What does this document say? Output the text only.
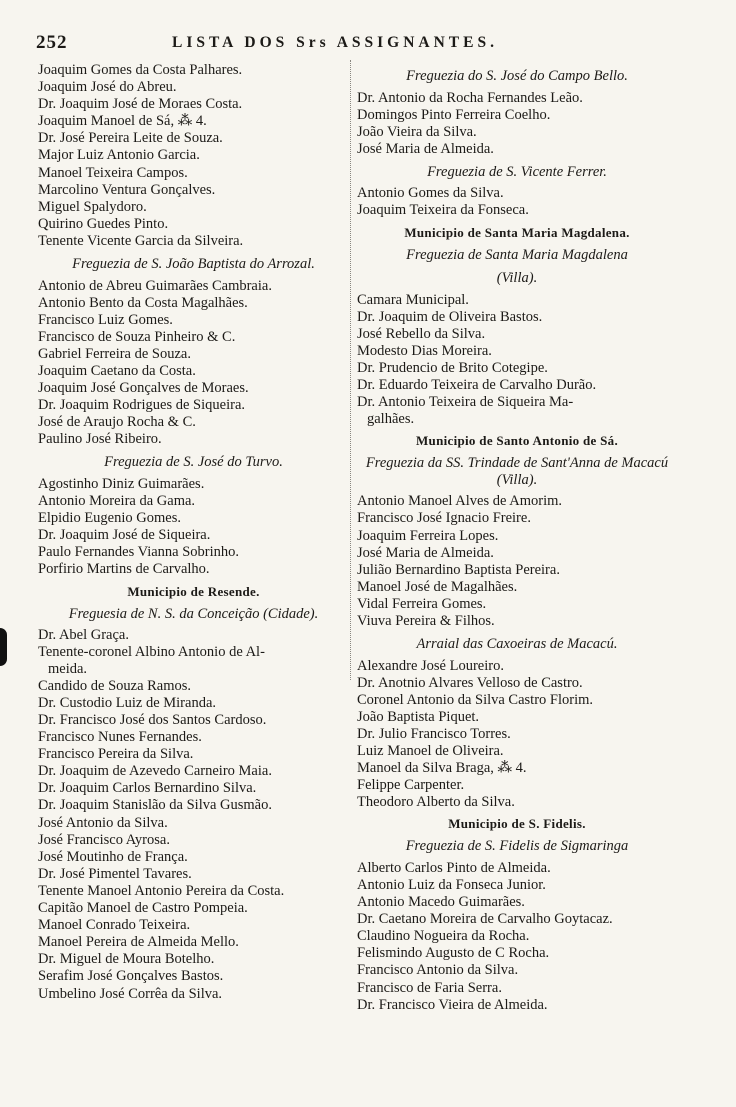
252	LISTA DOS Srs ASSIGNANTES.
Joaquim Gomes da Costa Palhares.
Joaquim José do Abreu.
Dr. Joaquim José de Moraes Costa.
Joaquim Manoel de Sá, ⁂ 4.
Dr. José Pereira Leite de Souza.
Major Luiz Antonio Garcia.
Manoel Teixeira Campos.
Marcolino Ventura Gonçalves.
Miguel Spalydoro.
Quirino Guedes Pinto.
Tenente Vicente Garcia da Silveira.
Freguezia de S. João Baptista do Arrozal.
Antonio de Abreu Guimarães Cambraia.
Antonio Bento da Costa Magalhães.
Francisco Luiz Gomes.
Francisco de Souza Pinheiro & C.
Gabriel Ferreira de Souza.
Joaquim Caetano da Costa.
Joaquim José Gonçalves de Moraes.
Dr. Joaquim Rodrigues de Siqueira.
José de Araujo Rocha & C.
Paulino José Ribeiro.
Freguezia de S. José do Turvo.
Agostinho Diniz Guimarães.
Antonio Moreira da Gama.
Elpidio Eugenio Gomes.
Dr. Joaquim José de Siqueira.
Paulo Fernandes Vianna Sobrinho.
Porfirio Martins de Carvalho.
Municipio de Resende.
Freguesia de N. S. da Conceição (Cidade).
Dr. Abel Graça.
Tenente-coronel Albino Antonio de Al-
meida.
Candido de Souza Ramos.
Dr. Custodio Luiz de Miranda.
Dr. Francisco José dos Santos Cardoso.
Francisco Nunes Fernandes.
Francisco Pereira da Silva.
Dr. Joaquim de Azevedo Carneiro Maia.
Dr. Joaquim Carlos Bernardino Silva.
Dr. Joaquim Stanislão da Silva Gusmão.
José Antonio da Silva.
José Francisco Ayrosa.
José Moutinho de França.
Dr. José Pimentel Tavares.
Tenente Manoel Antonio Pereira da Costa.
Capitão Manoel de Castro Pompeia.
Manoel Conrado Teixeira.
Manoel Pereira de Almeida Mello.
Dr. Miguel de Moura Botelho.
Serafim José Gonçalves Bastos.
Umbelino José Corrêa da Silva.
Freguezia do S. José do Campo Bello.
Dr. Antonio da Rocha Fernandes Leão.
Domingos Pinto Ferreira Coelho.
João Vieira da Silva.
José Maria de Almeida.
Freguezia de S. Vicente Ferrer.
Antonio Gomes da Silva.
Joaquim Teixeira da Fonseca.
Municipio de Santa Maria Magdalena.
Freguezia de Santa Maria Magdalena
(Villa).
Camara Municipal.
Dr. Joaquim de Oliveira Bastos.
José Rebello da Silva.
Modesto Dias Moreira.
Dr. Prudencio de Brito Cotegipe.
Dr. Eduardo Teixeira de Carvalho Durão.
Dr. Antonio Teixeira de Siqueira Ma-
galhães.
Municipio de Santo Antonio de Sá.
Freguezia da SS. Trindade de Sant'Anna de Macacú (Villa).
Antonio Manoel Alves de Amorim.
Francisco José Ignacio Freire.
Joaquim Ferreira Lopes.
José Maria de Almeida.
Julião Bernardino Baptista Pereira.
Manoel José de Magalhães.
Vidal Ferreira Gomes.
Viuva Pereira & Filhos.
Arraial das Caxoeiras de Macacú.
Alexandre José Loureiro.
Dr. Anotnio Alvares Velloso de Castro.
Coronel Antonio da Silva Castro Florim.
João Baptista Piquet.
Dr. Julio Francisco Torres.
Luiz Manoel de Oliveira.
Manoel da Silva Braga, ⁂ 4.
Felippe Carpenter.
Theodoro Alberto da Silva.
Municipio de S. Fidelis.
Freguezia de S. Fidelis de Sigmaringa
Alberto Carlos Pinto de Almeida.
Antonio Luiz da Fonseca Junior.
Antonio Macedo Guimarães.
Dr. Caetano Moreira de Carvalho Goytacaz.
Claudino Nogueira da Rocha.
Felismindo Augusto de C Rocha.
Francisco Antonio da Silva.
Francisco de Faria Serra.
Dr. Francisco Vieira de Almeida.
